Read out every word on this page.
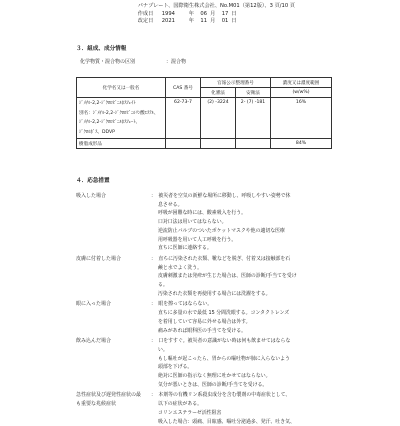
パナプレート、国際衛生株式会社、No.M01（第12版）、3 頁/10 頁
作成日	1994	年 06 月 17 日
改定日	2021	年 11 月 01 日
３．組成、成分情報
化学物質・混合物の区別	：混合物
化学名又は一般名	CAS 番号	官報公示整理番号		濃度又は濃度範囲
		化審法	安衛法	(w/w%)

ｼﾞﾒﾁﾙ-2,2-ｼﾞｸﾛﾛﾋﾞﾆﾙﾎｽﾌｪｲﾄ
別名：ｼﾞﾒﾁﾙ-2,2-ｼﾞｸﾛﾛﾋﾞﾆﾙﾘﾝ酸ｴｽﾃﾙ、
ｼﾞﾒﾁﾙ-2,2-ｼﾞｸﾛﾛﾋﾞﾆﾙﾎｽﾌｪｰﾄ、
ｼﾞｸﾛﾙﾎﾞｽ、DDVP	62-73-7	(2) -3224	2- (7) -181	16%
樹脂成形品				84%
４．応急措置
吸入した場合	：　被災者を空気の新鮮な場所に移動し、呼吸しやすい姿勢で休
息させる。
呼吸が困難な時には、酸素吸入を行う。
口対口法は用いてはならない。
逆流防止バルブのついたポケットマスクや他の適切な医療
用呼吸器を用いて人工呼吸を行う。
直ちに医師に連絡する。
皮膚に付着した場合	：　直ちに汚染された衣類、靴などを脱ぎ、付着又は接触部を石
鹸と水でよく洗う。
皮膚刺激または発疹が生じた場合は、医師の診断/手当てを受け
る。
汚染された衣類を再使用する場合には洗濯をする。
眼に入った場合	：　眼を擦ってはならない。
直ちに多量の水で最低 15 分間洗眼する。コンタクトレンズ
を着用していて容易に外せる場合は外す。
痛みがあれば眼科医の手当てを受ける。
飲み込んだ場合	：　口をすすぐ。被災者の意識がない時は何も飲ませてはならな
い。
もし嘔吐が起こったら、胃からの嘔吐物が肺に入らないよう
頭部を下げる。
絶対に医師の指示なく無理に吐かせてはならない。
気分が悪いときは、医師の診断/手当てを受ける。
急性症状及び遅発性症状の最
も重要な兆候症状
：　本剤等の有機リン系殺虫成分を含む製剤の中毒症状として、
以下の症状がある。
コリンエステラーゼ活性阻害
吸入した場合：頭痛、目眩感、嘔吐分泌過多、発汗、吐き気、
